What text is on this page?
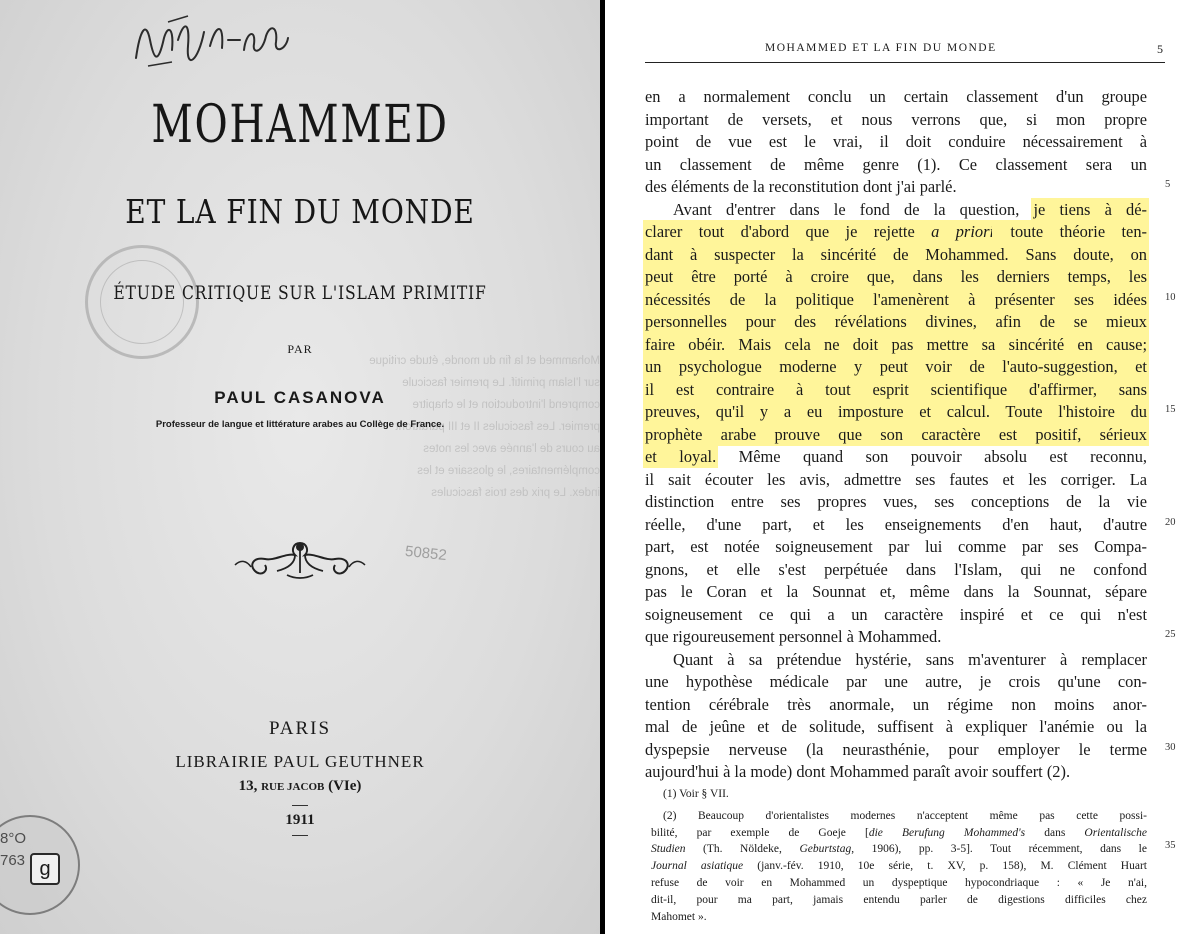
Mohammed et la fin du monde, étude critique
sur l'Islam primitif. Le premier fascicule
comprend l'introduction et le chapitre
premier. Les fascicules II et III paraîtront
au cours de l'année avec les notes
complémentaires, le glossaire et les
index. Le prix des trois fascicules
MOHAMMED
ET LA FIN DU MONDE
ÉTUDE CRITIQUE SUR L'ISLAM PRIMITIF
PAR
PAUL CASANOVA
Professeur de langue et littérature arabes au Collège de France.
50852
PARIS
LIBRAIRIE PAUL GEUTHNER
13, RUE JACOB (VIe)
1911
8°O
763 g
MOHAMMED ET LA FIN DU MONDE	5
en a normalement conclu un certain classement d'un groupe
important de versets, et nous verrons que, si mon propre
point de vue est le vrai, il doit conduire nécessairement à
un classement de même genre (1). Ce classement sera un
des éléments de la reconstitution dont j'ai parlé.
Avant d'entrer dans le fond de la question, je tiens à dé-
clarer tout d'abord que je rejette a priori toute théorie ten-
dant à suspecter la sincérité de Mohammed. Sans doute, on
peut être porté à croire que, dans les derniers temps, les
nécessités de la politique l'amenèrent à présenter ses idées
personnelles pour des révélations divines, afin de se mieux
faire obéir. Mais cela ne doit pas mettre sa sincérité en cause;
un psychologue moderne y peut voir de l'auto-suggestion, et
il est contraire à tout esprit scientifique d'affirmer, sans
preuves, qu'il y a eu imposture et calcul. Toute l'histoire du
prophète arabe prouve que son caractère est positif, sérieux
et loyal. Même quand son pouvoir absolu est reconnu,
il sait écouter les avis, admettre ses fautes et les corriger. La
distinction entre ses propres vues, ses conceptions de la vie
réelle, d'une part, et les enseignements d'en haut, d'autre
part, est notée soigneusement par lui comme par ses Compa-
gnons, et elle s'est perpétuée dans l'Islam, qui ne confond
pas le Coran et la Sounnat et, même dans la Sounnat, sépare
soigneusement ce qui a un caractère inspiré et ce qui n'est
que rigoureusement personnel à Mohammed.
Quant à sa prétendue hystérie, sans m'aventurer à remplacer
une hypothèse médicale par une autre, je crois qu'une con-
tention cérébrale très anormale, un régime non moins anor-
mal de jeûne et de solitude, suffisent à expliquer l'anémie ou la
dyspepsie nerveuse (la neurasthénie, pour employer le terme
aujourd'hui à la mode) dont Mohammed paraît avoir souffert (2).
5
10
15
20
25
30
(1) Voir § VII.
(2) Beaucoup d'orientalistes modernes n'acceptent même pas cette possi-
bilité, par exemple de Goeje [die Berufung Mohammed's dans Orientalische
Studien (Th. Nöldeke, Geburtstag, 1906), pp. 3-5]. Tout récemment, dans le
Journal asiatique (janv.-fév. 1910, 10e série, t. XV, p. 158), M. Clément Huart
refuse de voir en Mohammed un dyspeptique hypocondriaque : « Je n'ai,
dit-il, pour ma part, jamais entendu parler de digestions difficiles chez
Mahomet ».
35
